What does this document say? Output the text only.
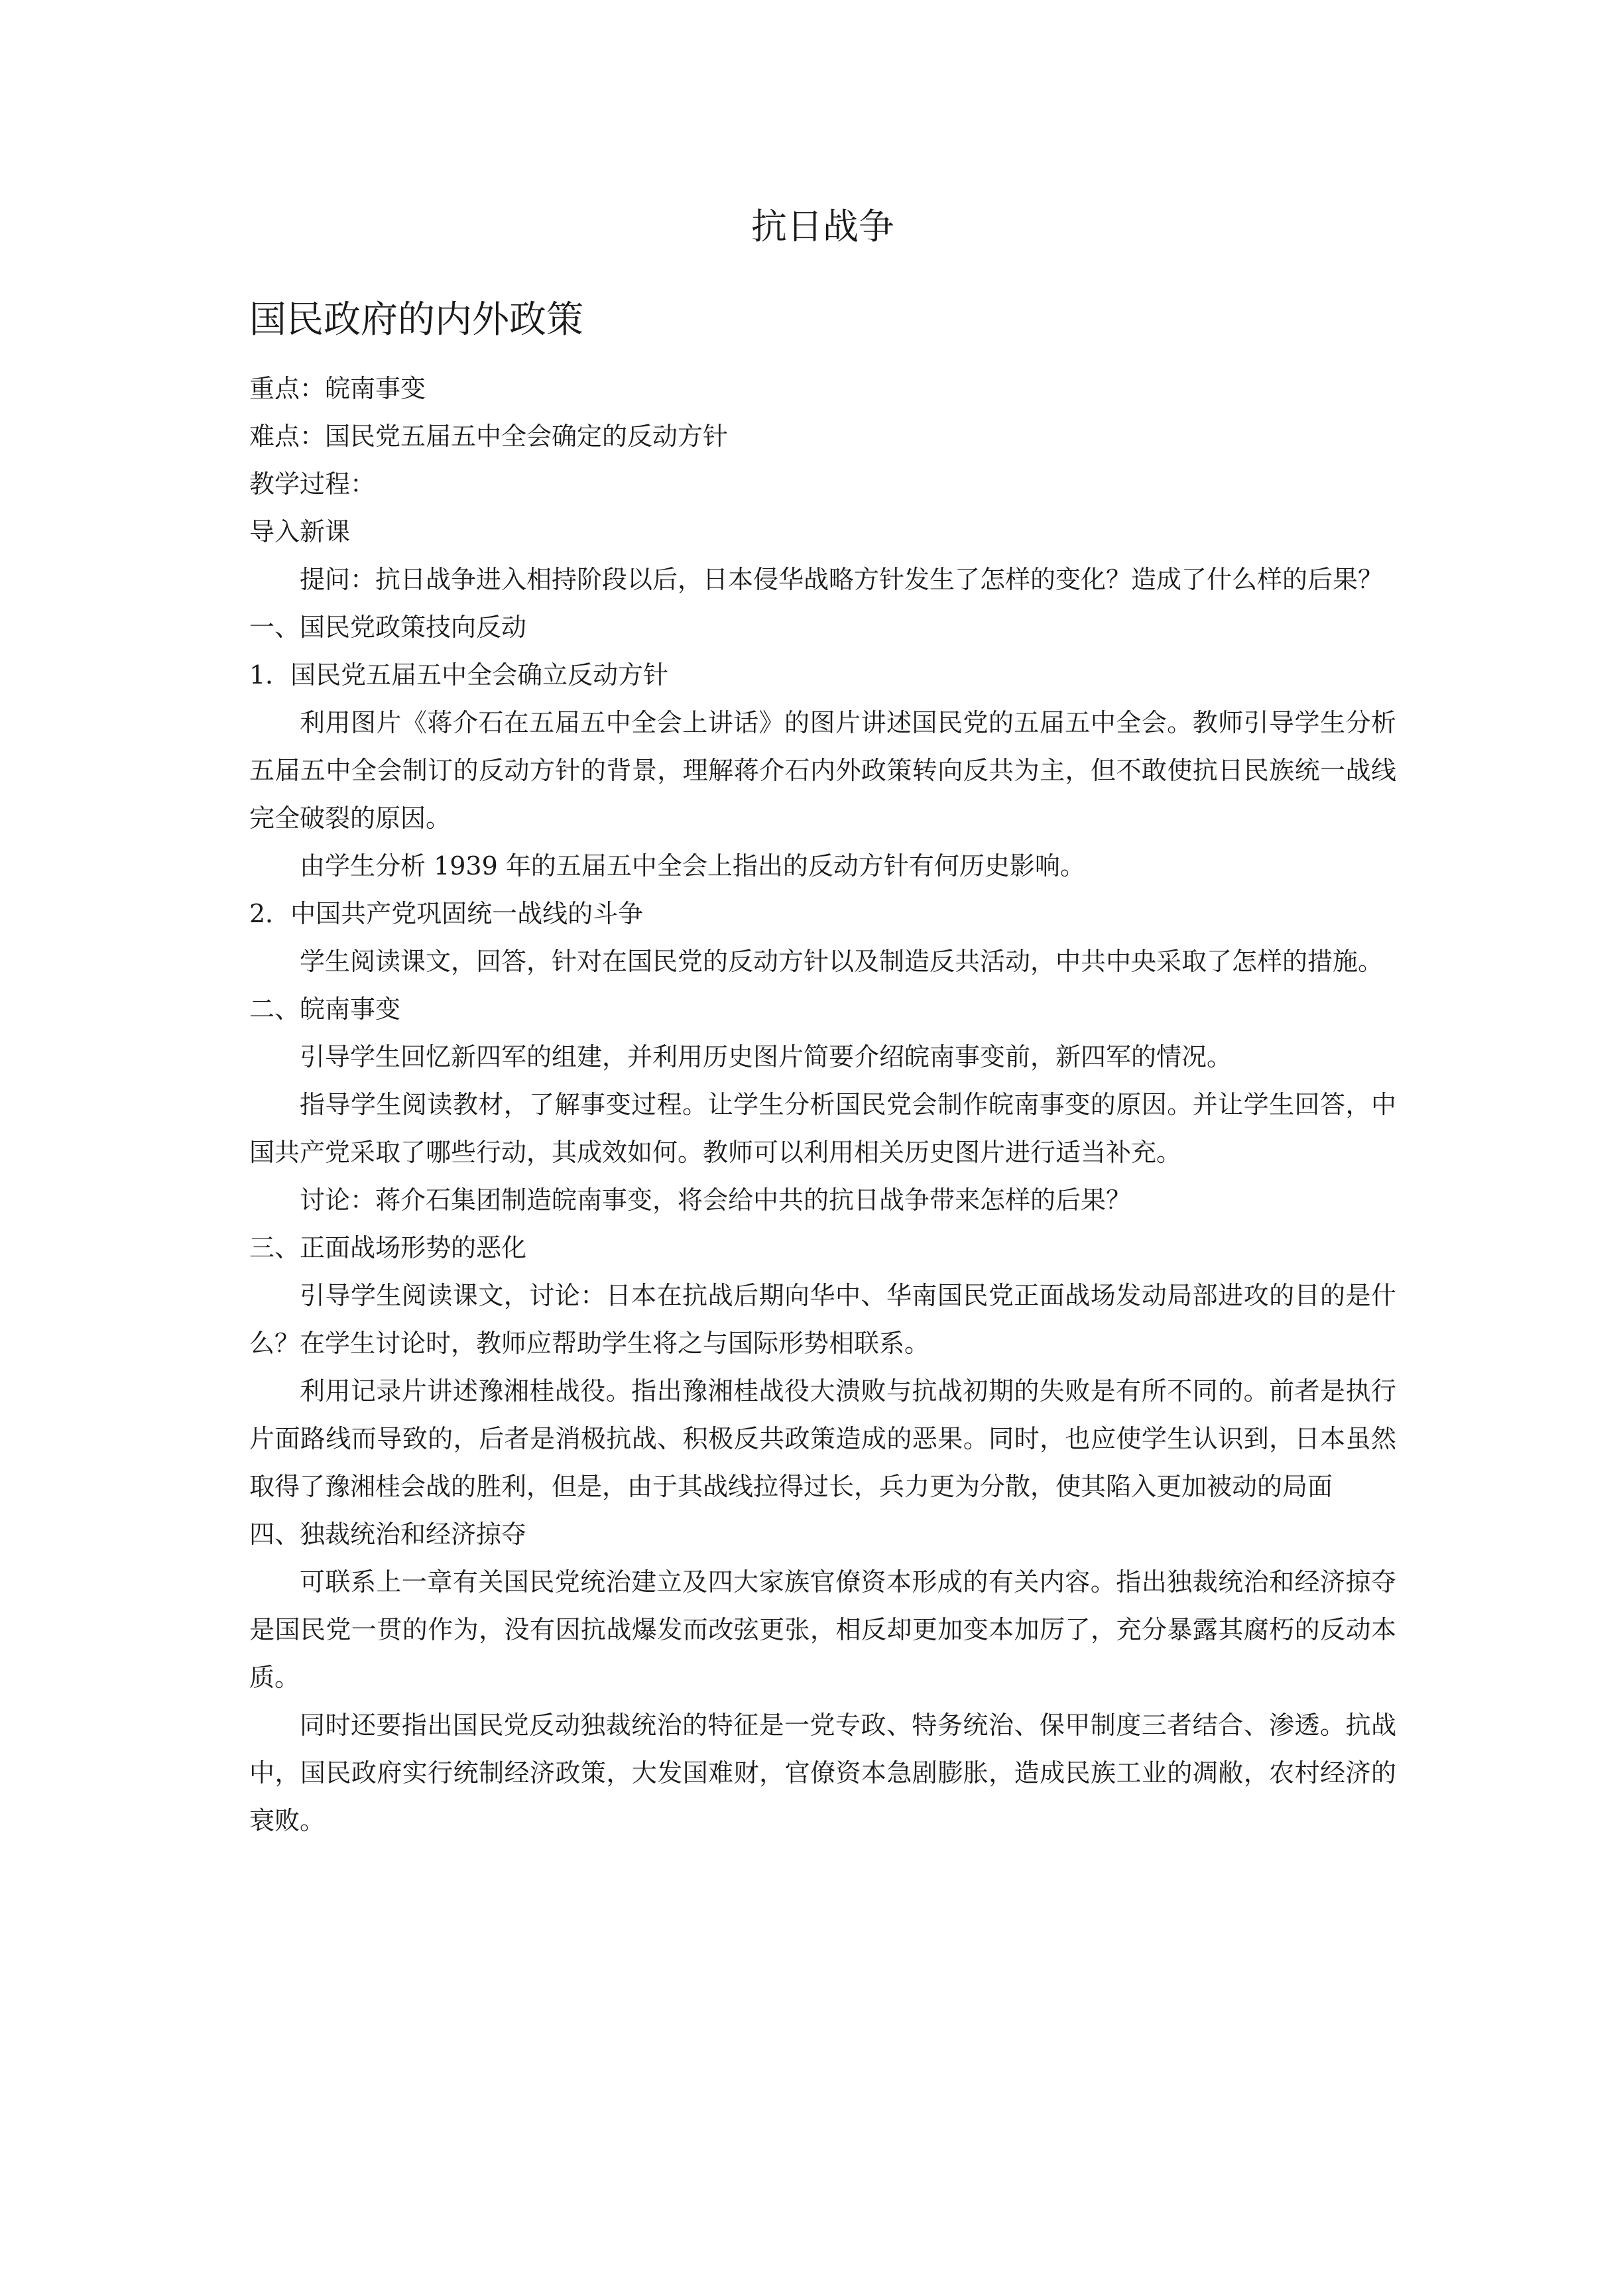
抗日战争
国民政府的内外政策

重点：皖南事变

难点：国民党五届五中全会确定的反动方针

教学过程：

导入新课

提问：抗日战争进入相持阶段以后，日本侵华战略方针发生了怎样的变化？造成了什么样的后果？

一、国民党政策技向反动

1．国民党五届五中全会确立反动方针

利用图片《蒋介石在五届五中全会上讲话》的图片讲述国民党的五届五中全会。教师引导学生分析五届五中全会制订的反动方针的背景，理解蒋介石内外政策转向反共为主，但不敢使抗日民族统一战线完全破裂的原因。

由学生分析 1939 年的五届五中全会上指出的反动方针有何历史影响。

2．中国共产党巩固统一战线的斗争

学生阅读课文，回答，针对在国民党的反动方针以及制造反共活动，中共中央采取了怎样的措施。

二、皖南事变

引导学生回忆新四军的组建，并利用历史图片简要介绍皖南事变前，新四军的情况。

指导学生阅读教材，了解事变过程。让学生分析国民党会制作皖南事变的原因。并让学生回答，中国共产党采取了哪些行动，其成效如何。教师可以利用相关历史图片进行适当补充。

讨论：蒋介石集团制造皖南事变，将会给中共的抗日战争带来怎样的后果？

三、正面战场形势的恶化

引导学生阅读课文，讨论：日本在抗战后期向华中、华南国民党正面战场发动局部进攻的目的是什么？在学生讨论时，教师应帮助学生将之与国际形势相联系。

利用记录片讲述豫湘桂战役。指出豫湘桂战役大溃败与抗战初期的失败是有所不同的。前者是执行片面路线而导致的，后者是消极抗战、积极反共政策造成的恶果。同时，也应使学生认识到，日本虽然取得了豫湘桂会战的胜利，但是，由于其战线拉得过长，兵力更为分散，使其陷入更加被动的局面

四、独裁统治和经济掠夺

可联系上一章有关国民党统治建立及四大家族官僚资本形成的有关内容。指出独裁统治和经济掠夺是国民党一贯的作为，没有因抗战爆发而改弦更张，相反却更加变本加厉了，充分暴露其腐朽的反动本质。

同时还要指出国民党反动独裁统治的特征是一党专政、特务统治、保甲制度三者结合、渗透。抗战中，国民政府实行统制经济政策，大发国难财，官僚资本急剧膨胀，造成民族工业的凋敝，农村经济的衰败。
